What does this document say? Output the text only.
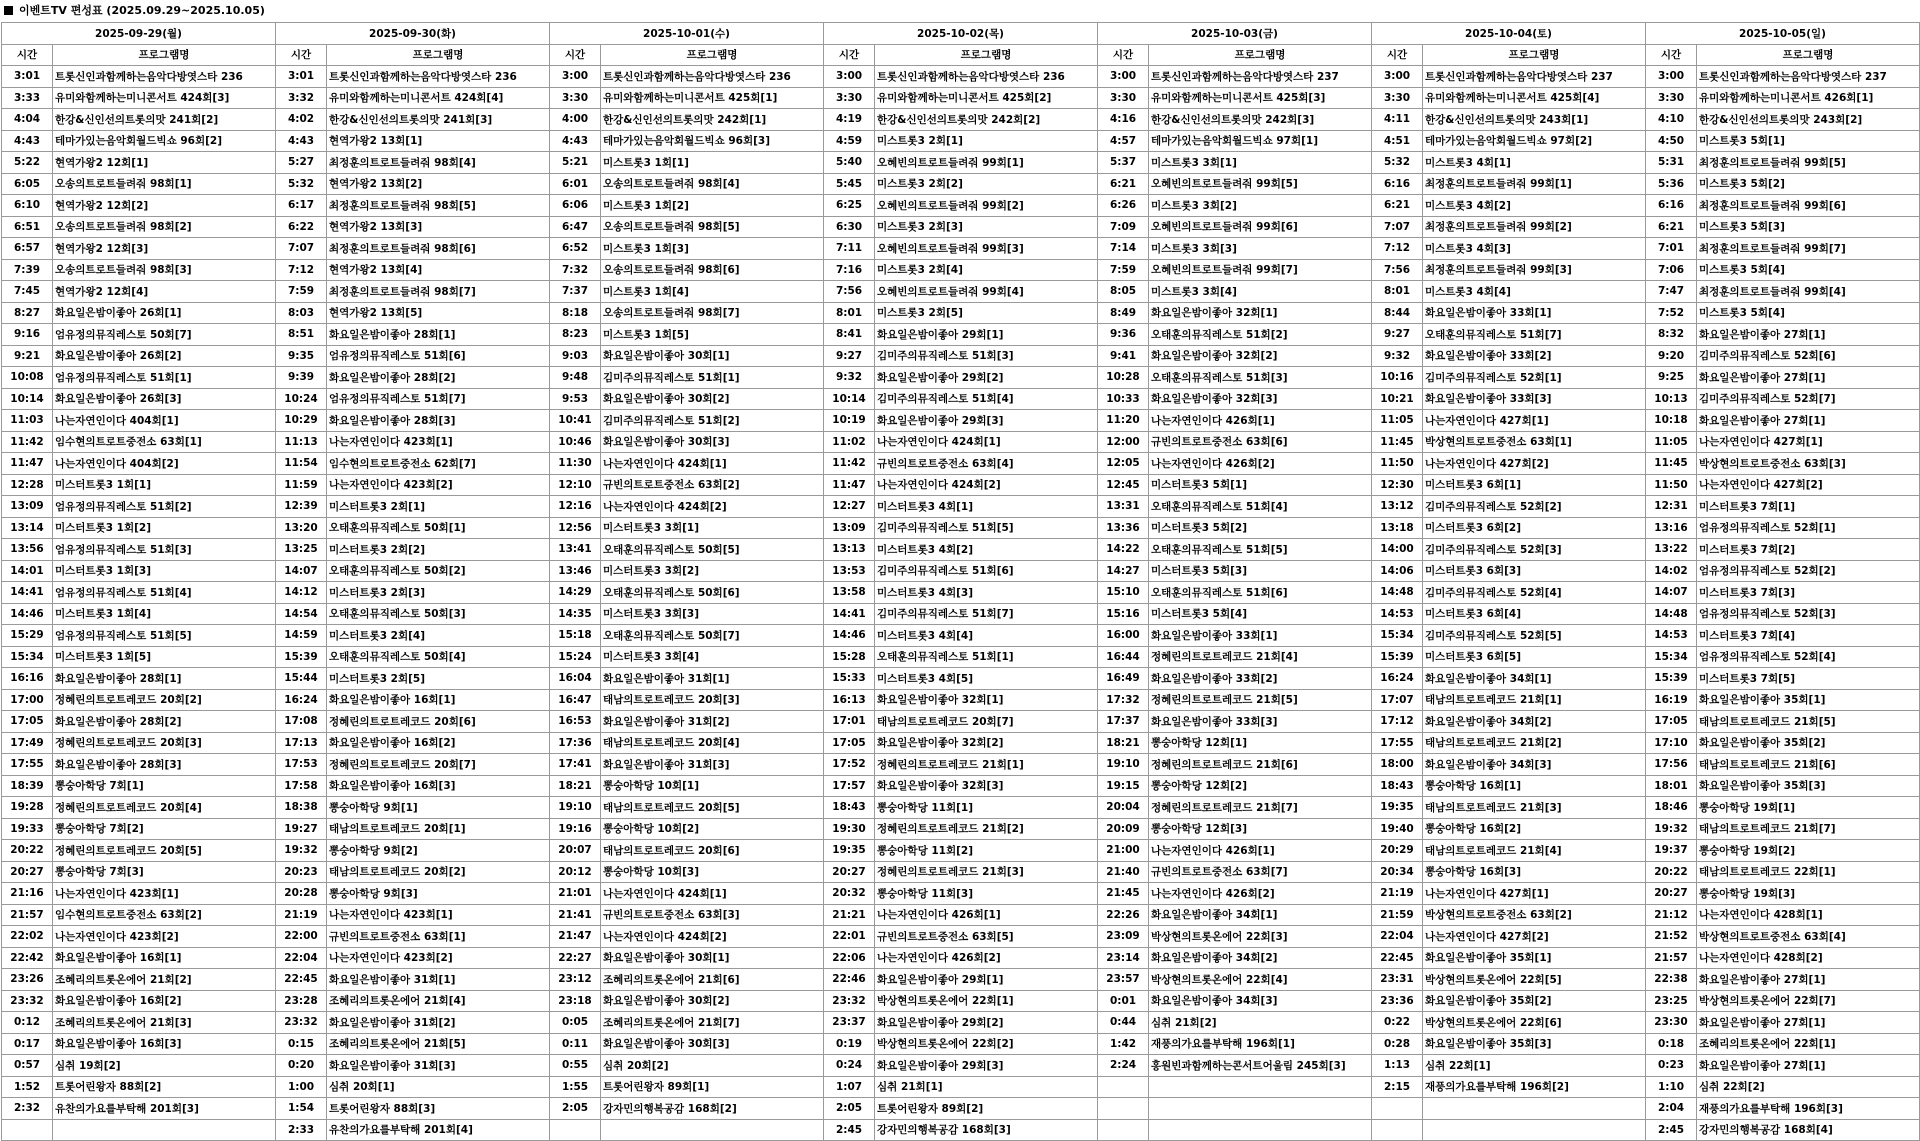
이벤트TV 편성표 (2025.09.29~2025.10.05)
2025-09-29(월)		2025-09-30(화)		2025-10-01(수)		2025-10-02(목)		2025-10-03(금)		2025-10-04(토)		2025-10-05(일)	
시간	프로그램명	시간	프로그램명	시간	프로그램명	시간	프로그램명	시간	프로그램명	시간	프로그램명	시간	프로그램명
3:01	트롯신인과함께하는음악다방엿스타 236	3:01	트롯신인과함께하는음악다방엿스타 236	3:00	트롯신인과함께하는음악다방엿스타 236	3:00	트롯신인과함께하는음악다방엿스타 236	3:00	트롯신인과함께하는음악다방엿스타 237	3:00	트롯신인과함께하는음악다방엿스타 237	3:00	트롯신인과함께하는음악다방엿스타 237
3:33	유미와함께하는미니콘서트 424회[3]	3:32	유미와함께하는미니콘서트 424회[4]	3:30	유미와함께하는미니콘서트 425회[1]	3:30	유미와함께하는미니콘서트 425회[2]	3:30	유미와함께하는미니콘서트 425회[3]	3:30	유미와함께하는미니콘서트 425회[4]	3:30	유미와함께하는미니콘서트 426회[1]
4:04	한강&신인선의트롯의맛 241회[2]	4:02	한강&신인선의트롯의맛 241회[3]	4:00	한강&신인선의트롯의맛 242회[1]	4:19	한강&신인선의트롯의맛 242회[2]	4:16	한강&신인선의트롯의맛 242회[3]	4:11	한강&신인선의트롯의맛 243회[1]	4:10	한강&신인선의트롯의맛 243회[2]
4:43	테마가있는음악회월드빅쇼 96회[2]	4:43	현역가왕2 13회[1]	4:43	테마가있는음악회월드빅쇼 96회[3]	4:59	미스트롯3 2회[1]	4:57	테마가있는음악회월드빅쇼 97회[1]	4:51	테마가있는음악회월드빅쇼 97회[2]	4:50	미스트롯3 5회[1]
5:22	현역가왕2 12회[1]	5:27	최정훈의트로트들려줘 98회[4]	5:21	미스트롯3 1회[1]	5:40	오혜빈의트로트들려줘 99회[1]	5:37	미스트롯3 3회[1]	5:32	미스트롯3 4회[1]	5:31	최정훈의트로트들려줘 99회[5]
6:05	오송의트로트들려줘 98회[1]	5:32	현역가왕2 13회[2]	6:01	오송의트로트들려줘 98회[4]	5:45	미스트롯3 2회[2]	6:21	오혜빈의트로트들려줘 99회[5]	6:16	최정훈의트로트들려줘 99회[1]	5:36	미스트롯3 5회[2]
6:10	현역가왕2 12회[2]	6:17	최정훈의트로트들려줘 98회[5]	6:06	미스트롯3 1회[2]	6:25	오혜빈의트로트들려줘 99회[2]	6:26	미스트롯3 3회[2]	6:21	미스트롯3 4회[2]	6:16	최정훈의트로트들려줘 99회[6]
6:51	오송의트로트들려줘 98회[2]	6:22	현역가왕2 13회[3]	6:47	오송의트로트들려줘 98회[5]	6:30	미스트롯3 2회[3]	7:09	오혜빈의트로트들려줘 99회[6]	7:07	최정훈의트로트들려줘 99회[2]	6:21	미스트롯3 5회[3]
6:57	현역가왕2 12회[3]	7:07	최정훈의트로트들려줘 98회[6]	6:52	미스트롯3 1회[3]	7:11	오혜빈의트로트들려줘 99회[3]	7:14	미스트롯3 3회[3]	7:12	미스트롯3 4회[3]	7:01	최정훈의트로트들려줘 99회[7]
7:39	오송의트로트들려줘 98회[3]	7:12	현역가왕2 13회[4]	7:32	오송의트로트들려줘 98회[6]	7:16	미스트롯3 2회[4]	7:59	오혜빈의트로트들려줘 99회[7]	7:56	최정훈의트로트들려줘 99회[3]	7:06	미스트롯3 5회[4]
7:45	현역가왕2 12회[4]	7:59	최정훈의트로트들려줘 98회[7]	7:37	미스트롯3 1회[4]	7:56	오혜빈의트로트들려줘 99회[4]	8:05	미스트롯3 3회[4]	8:01	미스트롯3 4회[4]	7:47	최정훈의트로트들려줘 99회[4]
8:27	화요일은밤이좋아 26회[1]	8:03	현역가왕2 13회[5]	8:18	오송의트로트들려줘 98회[7]	8:01	미스트롯3 2회[5]	8:49	화요일은밤이좋아 32회[1]	8:44	화요일은밤이좋아 33회[1]	7:52	미스트롯3 5회[4]
9:16	엄유정의뮤직레스토 50회[7]	8:51	화요일은밤이좋아 28회[1]	8:23	미스트롯3 1회[5]	8:41	화요일은밤이좋아 29회[1]	9:36	오태훈의뮤직레스토 51회[2]	9:27	오태훈의뮤직레스토 51회[7]	8:32	화요일은밤이좋아 27회[1]
9:21	화요일은밤이좋아 26회[2]	9:35	엄유정의뮤직레스토 51회[6]	9:03	화요일은밤이좋아 30회[1]	9:27	김미주의뮤직레스토 51회[3]	9:41	화요일은밤이좋아 32회[2]	9:32	화요일은밤이좋아 33회[2]	9:20	김미주의뮤직레스토 52회[6]
10:08	엄유정의뮤직레스토 51회[1]	9:39	화요일은밤이좋아 28회[2]	9:48	김미주의뮤직레스토 51회[1]	9:32	화요일은밤이좋아 29회[2]	10:28	오태훈의뮤직레스토 51회[3]	10:16	김미주의뮤직레스토 52회[1]	9:25	화요일은밤이좋아 27회[1]
10:14	화요일은밤이좋아 26회[3]	10:24	엄유정의뮤직레스토 51회[7]	9:53	화요일은밤이좋아 30회[2]	10:14	김미주의뮤직레스토 51회[4]	10:33	화요일은밤이좋아 32회[3]	10:21	화요일은밤이좋아 33회[3]	10:13	김미주의뮤직레스토 52회[7]
11:03	나는자연인이다 404회[1]	10:29	화요일은밤이좋아 28회[3]	10:41	김미주의뮤직레스토 51회[2]	10:19	화요일은밤이좋아 29회[3]	11:20	나는자연인이다 426회[1]	11:05	나는자연인이다 427회[1]	10:18	화요일은밤이좋아 27회[1]
11:42	임수현의트로트중전소 63회[1]	11:13	나는자연인이다 423회[1]	10:46	화요일은밤이좋아 30회[3]	11:02	나는자연인이다 424회[1]	12:00	규빈의트로트중전소 63회[6]	11:45	박상현의트로트중전소 63회[1]	11:05	나는자연인이다 427회[1]
11:47	나는자연인이다 404회[2]	11:54	임수현의트로트중전소 62회[7]	11:30	나는자연인이다 424회[1]	11:42	규빈의트로트중전소 63회[4]	12:05	나는자연인이다 426회[2]	11:50	나는자연인이다 427회[2]	11:45	박상현의트로트중전소 63회[3]
12:28	미스터트롯3 1회[1]	11:59	나는자연인이다 423회[2]	12:10	규빈의트로트중전소 63회[2]	11:47	나는자연인이다 424회[2]	12:45	미스터트롯3 5회[1]	12:30	미스터트롯3 6회[1]	11:50	나는자연인이다 427회[2]
13:09	엄유정의뮤직레스토 51회[2]	12:39	미스터트롯3 2회[1]	12:16	나는자연인이다 424회[2]	12:27	미스터트롯3 4회[1]	13:31	오태훈의뮤직레스토 51회[4]	13:12	김미주의뮤직레스토 52회[2]	12:31	미스터트롯3 7회[1]
13:14	미스터트롯3 1회[2]	13:20	오태훈의뮤직레스토 50회[1]	12:56	미스터트롯3 3회[1]	13:09	김미주의뮤직레스토 51회[5]	13:36	미스터트롯3 5회[2]	13:18	미스터트롯3 6회[2]	13:16	엄유정의뮤직레스토 52회[1]
13:56	엄유정의뮤직레스토 51회[3]	13:25	미스터트롯3 2회[2]	13:41	오태훈의뮤직레스토 50회[5]	13:13	미스터트롯3 4회[2]	14:22	오태훈의뮤직레스토 51회[5]	14:00	김미주의뮤직레스토 52회[3]	13:22	미스터트롯3 7회[2]
14:01	미스터트롯3 1회[3]	14:07	오태훈의뮤직레스토 50회[2]	13:46	미스터트롯3 3회[2]	13:53	김미주의뮤직레스토 51회[6]	14:27	미스터트롯3 5회[3]	14:06	미스터트롯3 6회[3]	14:02	엄유정의뮤직레스토 52회[2]
14:41	엄유정의뮤직레스토 51회[4]	14:12	미스터트롯3 2회[3]	14:29	오태훈의뮤직레스토 50회[6]	13:58	미스터트롯3 4회[3]	15:10	오태훈의뮤직레스토 51회[6]	14:48	김미주의뮤직레스토 52회[4]	14:07	미스터트롯3 7회[3]
14:46	미스터트롯3 1회[4]	14:54	오태훈의뮤직레스토 50회[3]	14:35	미스터트롯3 3회[3]	14:41	김미주의뮤직레스토 51회[7]	15:16	미스터트롯3 5회[4]	14:53	미스터트롯3 6회[4]	14:48	엄유정의뮤직레스토 52회[3]
15:29	엄유정의뮤직레스토 51회[5]	14:59	미스터트롯3 2회[4]	15:18	오태훈의뮤직레스토 50회[7]	14:46	미스터트롯3 4회[4]	16:00	화요일은밤이좋아 33회[1]	15:34	김미주의뮤직레스토 52회[5]	14:53	미스터트롯3 7회[4]
15:34	미스터트롯3 1회[5]	15:39	오태훈의뮤직레스토 50회[4]	15:24	미스터트롯3 3회[4]	15:28	오태훈의뮤직레스토 51회[1]	16:44	정혜린의트로트레코드 21회[4]	15:39	미스터트롯3 6회[5]	15:34	엄유정의뮤직레스토 52회[4]
16:16	화요일은밤이좋아 28회[1]	15:44	미스터트롯3 2회[5]	16:04	화요일은밤이좋아 31회[1]	15:33	미스터트롯3 4회[5]	16:49	화요일은밤이좋아 33회[2]	16:24	화요일은밤이좋아 34회[1]	15:39	미스터트롯3 7회[5]
17:00	정혜린의트로트레코드 20회[2]	16:24	화요일은밤이좋아 16회[1]	16:47	태남의트로트레코드 20회[3]	16:13	화요일은밤이좋아 32회[1]	17:32	정혜린의트로트레코드 21회[5]	17:07	태남의트로트레코드 21회[1]	16:19	화요일은밤이좋아 35회[1]
17:05	화요일은밤이좋아 28회[2]	17:08	정혜린의트로트레코드 20회[6]	16:53	화요일은밤이좋아 31회[2]	17:01	태남의트로트레코드 20회[7]	17:37	화요일은밤이좋아 33회[3]	17:12	화요일은밤이좋아 34회[2]	17:05	태남의트로트레코드 21회[5]
17:49	정혜린의트로트레코드 20회[3]	17:13	화요일은밤이좋아 16회[2]	17:36	태남의트로트레코드 20회[4]	17:05	화요일은밤이좋아 32회[2]	18:21	뽕숭아학당 12회[1]	17:55	태남의트로트레코드 21회[2]	17:10	화요일은밤이좋아 35회[2]
17:55	화요일은밤이좋아 28회[3]	17:53	정혜린의트로트레코드 20회[7]	17:41	화요일은밤이좋아 31회[3]	17:52	정혜린의트로트레코드 21회[1]	19:10	정혜린의트로트레코드 21회[6]	18:00	화요일은밤이좋아 34회[3]	17:56	태남의트로트레코드 21회[6]
18:39	뽕숭아학당 7회[1]	17:58	화요일은밤이좋아 16회[3]	18:21	뽕숭아학당 10회[1]	17:57	화요일은밤이좋아 32회[3]	19:15	뽕숭아학당 12회[2]	18:43	뽕숭아학당 16회[1]	18:01	화요일은밤이좋아 35회[3]
19:28	정혜린의트로트레코드 20회[4]	18:38	뽕숭아학당 9회[1]	19:10	태남의트로트레코드 20회[5]	18:43	뽕숭아학당 11회[1]	20:04	정혜린의트로트레코드 21회[7]	19:35	태남의트로트레코드 21회[3]	18:46	뽕숭아학당 19회[1]
19:33	뽕숭아학당 7회[2]	19:27	태남의트로트레코드 20회[1]	19:16	뽕숭아학당 10회[2]	19:30	정혜린의트로트레코드 21회[2]	20:09	뽕숭아학당 12회[3]	19:40	뽕숭아학당 16회[2]	19:32	태남의트로트레코드 21회[7]
20:22	정혜린의트로트레코드 20회[5]	19:32	뽕숭아학당 9회[2]	20:07	태남의트로트레코드 20회[6]	19:35	뽕숭아학당 11회[2]	21:00	나는자연인이다 426회[1]	20:29	태남의트로트레코드 21회[4]	19:37	뽕숭아학당 19회[2]
20:27	뽕숭아학당 7회[3]	20:23	태남의트로트레코드 20회[2]	20:12	뽕숭아학당 10회[3]	20:27	정혜린의트로트레코드 21회[3]	21:40	규빈의트로트중전소 63회[7]	20:34	뽕숭아학당 16회[3]	20:22	태남의트로트레코드 22회[1]
21:16	나는자연인이다 423회[1]	20:28	뽕숭아학당 9회[3]	21:01	나는자연인이다 424회[1]	20:32	뽕숭아학당 11회[3]	21:45	나는자연인이다 426회[2]	21:19	나는자연인이다 427회[1]	20:27	뽕숭아학당 19회[3]
21:57	임수현의트로트중전소 63회[2]	21:19	나는자연인이다 423회[1]	21:41	규빈의트로트중전소 63회[3]	21:21	나는자연인이다 426회[1]	22:26	화요일은밤이좋아 34회[1]	21:59	박상현의트로트중전소 63회[2]	21:12	나는자연인이다 428회[1]
22:02	나는자연인이다 423회[2]	22:00	규빈의트로트중전소 63회[1]	21:47	나는자연인이다 424회[2]	22:01	규빈의트로트중전소 63회[5]	23:09	박상현의트롯온에어 22회[3]	22:04	나는자연인이다 427회[2]	21:52	박상현의트로트중전소 63회[4]
22:42	화요일은밤이좋아 16회[1]	22:04	나는자연인이다 423회[2]	22:27	화요일은밤이좋아 30회[1]	22:06	나는자연인이다 426회[2]	23:14	화요일은밤이좋아 34회[2]	22:45	화요일은밤이좋아 35회[1]	21:57	나는자연인이다 428회[2]
23:26	조혜리의트롯온에어 21회[2]	22:45	화요일은밤이좋아 31회[1]	23:12	조혜리의트롯온에어 21회[6]	22:46	화요일은밤이좋아 29회[1]	23:57	박상현의트롯온에어 22회[4]	23:31	박상현의트롯온에어 22회[5]	22:38	화요일은밤이좋아 27회[1]
23:32	화요일은밤이좋아 16회[2]	23:28	조혜리의트롯온에어 21회[4]	23:18	화요일은밤이좋아 30회[2]	23:32	박상현의트롯온에어 22회[1]	0:01	화요일은밤이좋아 34회[3]	23:36	화요일은밤이좋아 35회[2]	23:25	박상현의트롯온에어 22회[7]
0:12	조혜리의트롯온에어 21회[3]	23:32	화요일은밤이좋아 31회[2]	0:05	조혜리의트롯온에어 21회[7]	23:37	화요일은밤이좋아 29회[2]	0:44	심취 21회[2]	0:22	박상현의트롯온에어 22회[6]	23:30	화요일은밤이좋아 27회[1]
0:17	화요일은밤이좋아 16회[3]	0:15	조혜리의트롯온에어 21회[5]	0:11	화요일은밤이좋아 30회[3]	0:19	박상현의트롯온에어 22회[2]	1:42	재풍의가요를부탁해 196회[1]	0:28	화요일은밤이좋아 35회[3]	0:18	조혜리의트롯온에어 22회[1]
0:57	심취 19회[2]	0:20	화요일은밤이좋아 31회[3]	0:55	심취 20회[2]	0:24	화요일은밤이좋아 29회[3]	2:24	홍원빈과함께하는콘서트어울림 245회[3]	1:13	심취 22회[1]	0:23	화요일은밤이좋아 27회[1]
1:52	트롯어린왕자 88회[2]	1:00	심취 20회[1]	1:55	트롯어린왕자 89회[1]	1:07	심취 21회[1]			2:15	재풍의가요를부탁해 196회[2]	1:10	심취 22회[2]
2:32	유찬의가요를부탁해 201회[3]	1:54	트롯어린왕자 88회[3]	2:05	강자민의행복공감 168회[2]	2:05	트롯어린왕자 89회[2]					2:04	재풍의가요를부탁해 196회[3]
		2:33	유찬의가요를부탁해 201회[4]			2:45	강자민의행복공감 168회[3]					2:45	강자민의행복공감 168회[4]
